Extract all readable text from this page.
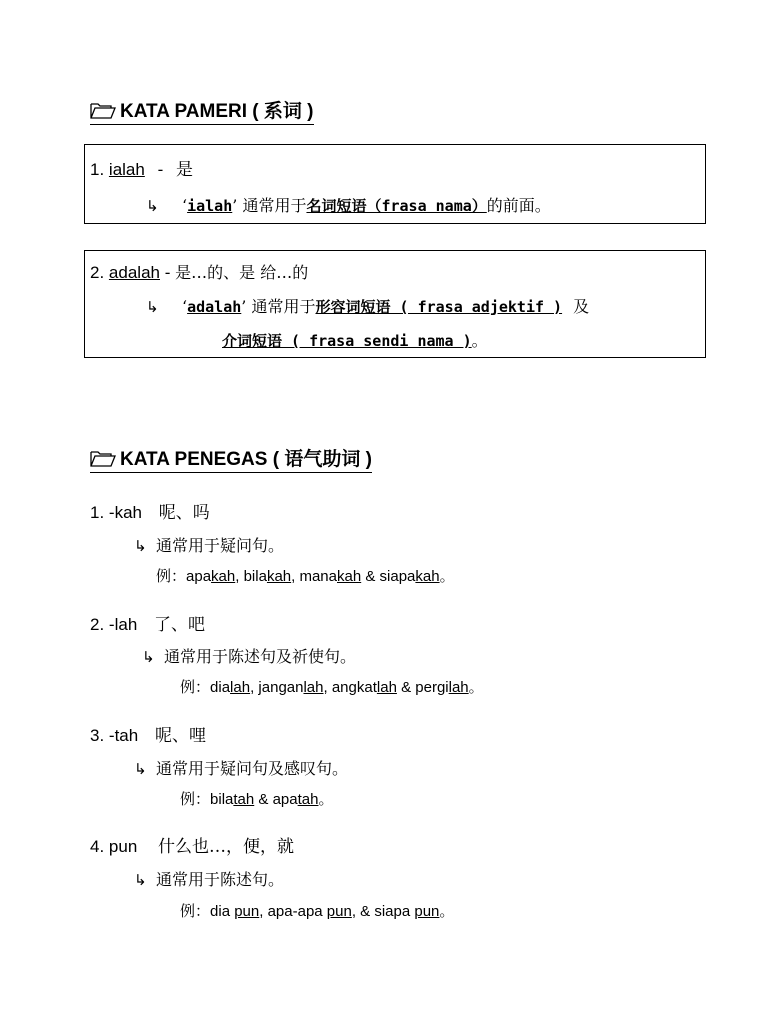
KATA PAMERI ( 系词 )
1. ialah - 是
↳ ‘ialah’ 通常用于名词短语（frasa nama）的前面。
2. adalah - 是…的、是 给…的
↳ ‘adalah’ 通常用于形容词短语 ( frasa adjektif ) 及
介词短语 ( frasa sendi nama )。
KATA PENEGAS ( 语气助词 )
1. -kah 呢、吗
↳ 通常用于疑问句。
例：apakah, bilakah, manakah & siapakah。
2. -lah 了、吧
↳ 通常用于陈述句及祈使句。
例：dialah, janganlah, angkatlah & pergilah。
3. -tah 呢、哩
↳ 通常用于疑问句及感叹句。
例：bilatah & apatah。
4. pun 什么也…，便，就
↳ 通常用于陈述句。
例：dia pun, apa-apa pun, & siapa pun。
